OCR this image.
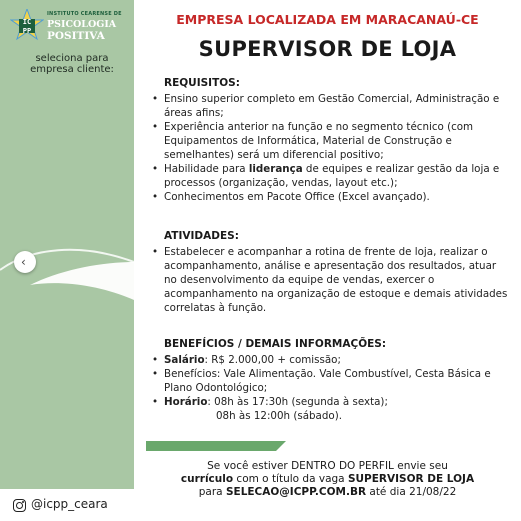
IC PP
INSTITUTO CEARENSE DE
PSICOLOGIA
POSITIVA
seleciona para empresa cliente:
‹
@icpp_ceara
EMPRESA LOCALIZADA EM MARACANAÚ-CE
SUPERVISOR DE LOJA
REQUISITOS:
• Ensino superior completo em Gestão Comercial, Administração e áreas afins;
• Experiência anterior na função e no segmento técnico (com Equipamentos de Informática, Material de Construção e semelhantes) será um diferencial positivo;
• Habilidade para liderança de equipes e realizar gestão da loja e processos (organização, vendas, layout etc.);
• Conhecimentos em Pacote Office (Excel avançado).
ATIVIDADES:
• Estabelecer e acompanhar a rotina de frente de loja, realizar o acompanhamento, análise e apresentação dos resultados, atuar no desenvolvimento da equipe de vendas, exercer o acompanhamento na organização de estoque e demais atividades correlatas à função.
BENEFÍCIOS / DEMAIS INFORMAÇÕES:
• Salário: R$ 2.000,00 + comissão;
• Benefícios: Vale Alimentação. Vale Combustível, Cesta Básica e Plano Odontológico;
• Horário: 08h às 17:30h (segunda à sexta);
08h às 12:00h (sábado).
Se você estiver DENTRO DO PERFIL envie seu
currículo com o título da vaga SUPERVISOR DE LOJA
para SELECAO@ICPP.COM.BR até dia 21/08/22
